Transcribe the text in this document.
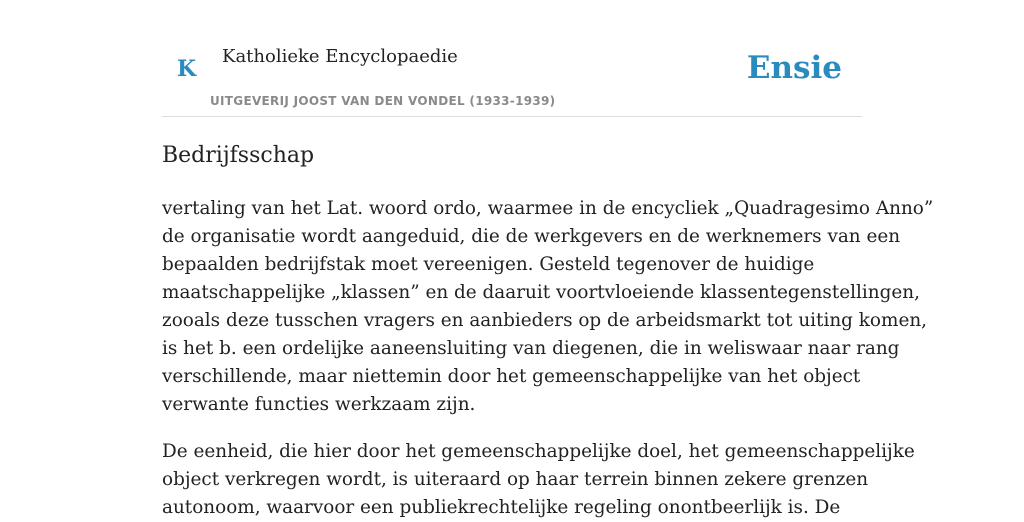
K Katholieke Encyclopaedie
UITGEVERIJ JOOST VAN DEN VONDEL (1933-1939)
Ensie
Bedrijfsschap

vertaling van het Lat. woord ordo, waarmee in de encycliek „Quadragesimo Anno”
de organisatie wordt aangeduid, die de werkgevers en de werknemers van een
bepaalden bedrijfstak moet vereenigen. Gesteld tegenover de huidige
maatschappelijke „klassen” en de daaruit voortvloeiende klassentegenstellingen,
zooals deze tusschen vragers en aanbieders op de arbeidsmarkt tot uiting komen,
is het b. een ordelijke aaneensluiting van diegenen, die in weliswaar naar rang
verschillende, maar niettemin door het gemeenschappelijke van het object
verwante functies werkzaam zijn.

De eenheid, die hier door het gemeenschappelijke doel, het gemeenschappelijke
object verkregen wordt, is uiteraard op haar terrein binnen zekere grenzen
autonoom, waarvoor een publiekrechtelijke regeling onontbeerlijk is. De
